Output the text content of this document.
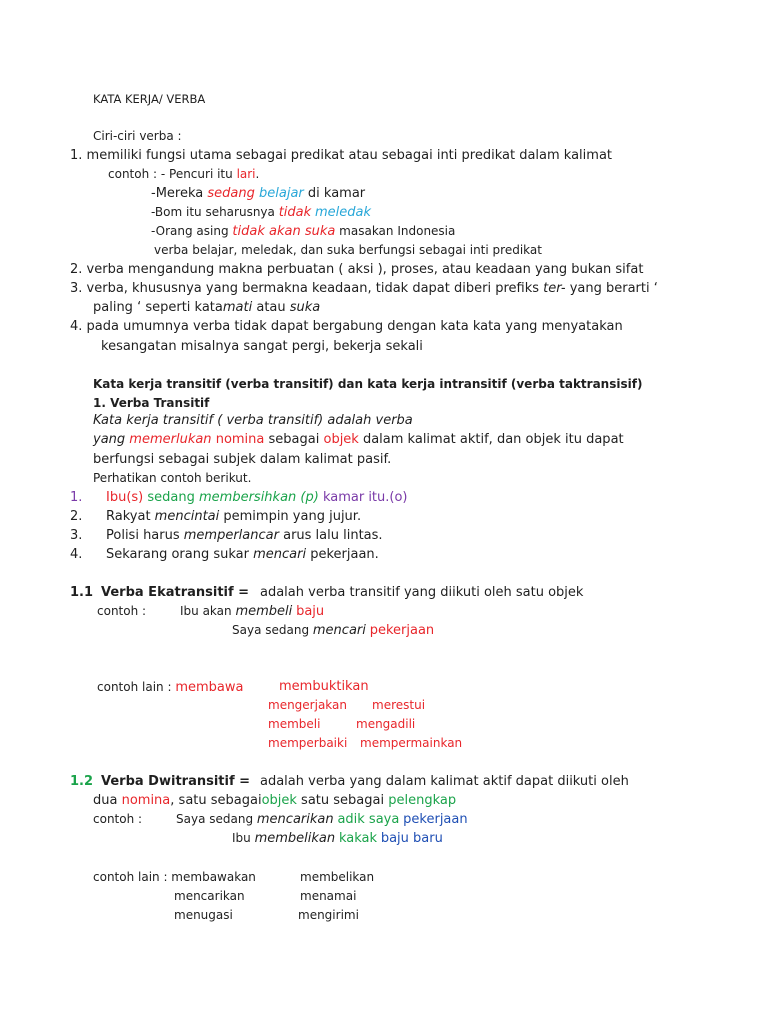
KATA KERJA/ VERBA
Ciri-ciri verba :
1. memiliki fungsi utama sebagai predikat atau sebagai inti predikat dalam kalimat
contoh : - Pencuri itu lari.
-Mereka sedang belajar di kamar
-Bom itu seharusnya tidak meledak
-Orang asing tidak akan suka masakan Indonesia
verba belajar, meledak, dan suka berfungsi sebagai inti predikat
2. verba mengandung makna perbuatan ( aksi ), proses, atau keadaan yang bukan sifat
3. verba, khususnya yang bermakna keadaan, tidak dapat diberi prefiks ter- yang berarti ‘
paling ‘ seperti katamati atau suka
4. pada umumnya verba tidak dapat bergabung dengan kata kata yang menyatakan
kesangatan misalnya sangat pergi, bekerja sekali
Kata kerja transitif (verba transitif) dan kata kerja intransitif (verba taktransisif)
1. Verba Transitif
Kata kerja transitif ( verba transitif) adalah verba
yang memerlukan nomina sebagai objek dalam kalimat aktif, dan objek itu dapat
berfungsi sebagai subjek dalam kalimat pasif.
Perhatikan contoh berikut.
1. Ibu(s) sedang membersihkan (p) kamar itu.(o)
2. Rakyat mencintai pemimpin yang jujur.
3. Polisi harus memperlancar arus lalu lintas.
4. Sekarang orang sukar mencari pekerjaan.
1.1 Verba Ekatransitif = adalah verba transitif yang diikuti oleh satu objek
contoh :	Ibu akan membeli baju
Saya sedang mencari pekerjaan
contoh lain : membawa	membuktikan
mengerjakan merestui
membeli	mengadili
memperbaiki mempermainkan
1.2 Verba Dwitransitif = adalah verba yang dalam kalimat aktif dapat diikuti oleh
dua nomina, satu sebagaiobjek satu sebagai pelengkap
contoh :	Saya sedang mencarikan adik saya pekerjaan
Ibu membelikan kakak baju baru
contoh lain : membawakan	membelikan
mencarikan	menamai
menugasi	mengirimi
